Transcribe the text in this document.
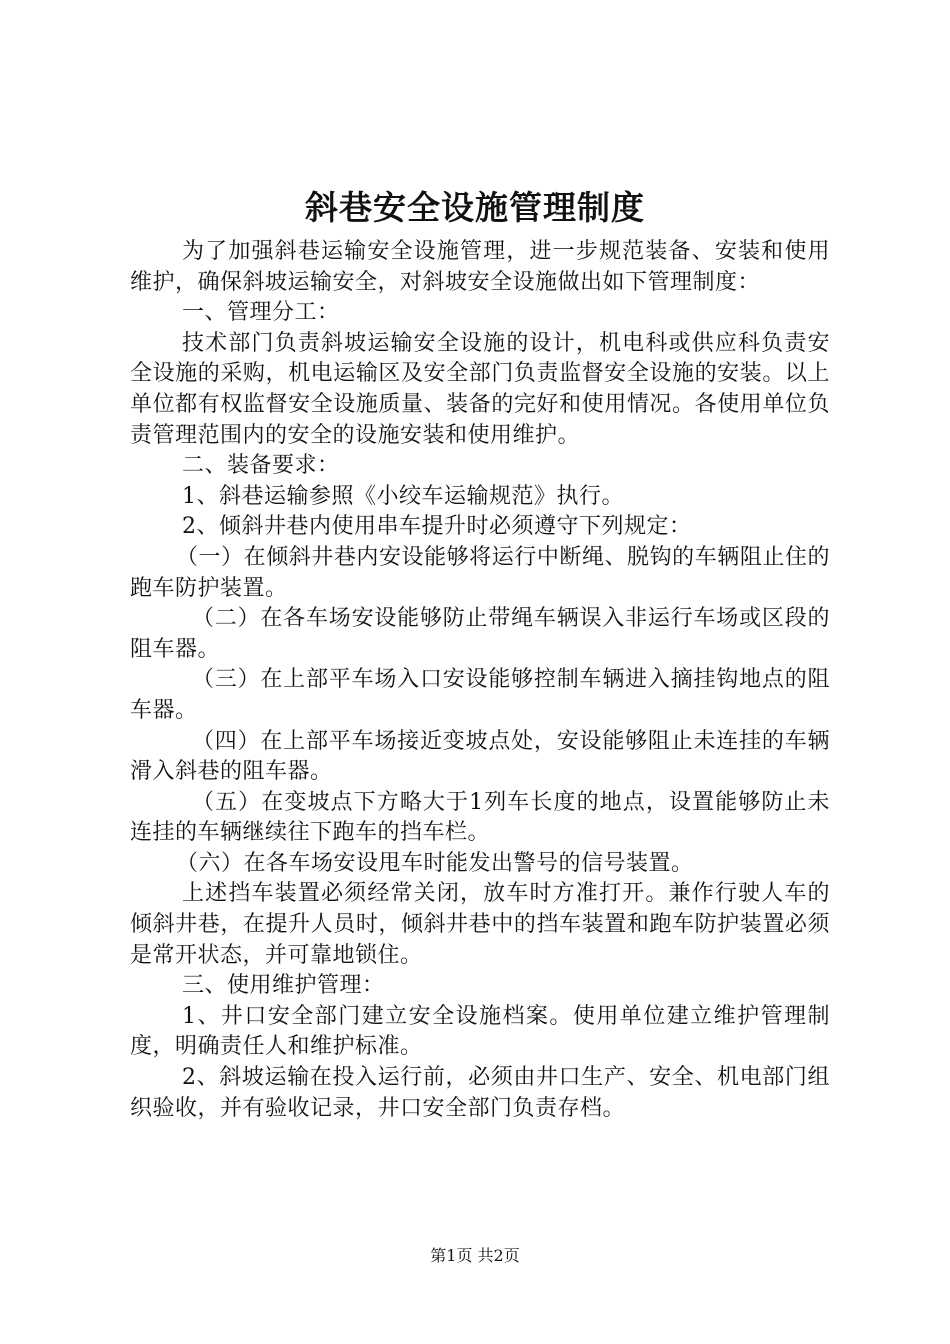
斜巷安全设施管理制度

为了加强斜巷运输安全设施管理，进一步规范装备、安装和使用维护，确保斜坡运输安全，对斜坡安全设施做出如下管理制度：

一、管理分工：

技术部门负责斜坡运输安全设施的设计，机电科或供应科负责安全设施的采购，机电运输区及安全部门负责监督安全设施的安装。以上单位都有权监督安全设施质量、装备的完好和使用情况。各使用单位负责管理范围内的安全的设施安装和使用维护。

二、装备要求：

1、斜巷运输参照《小绞车运输规范》执行。

2、倾斜井巷内使用串车提升时必须遵守下列规定：

（一）在倾斜井巷内安设能够将运行中断绳、脱钩的车辆阻止住的跑车防护装置。

（二）在各车场安设能够防止带绳车辆误入非运行车场或区段的阻车器。

（三）在上部平车场入口安设能够控制车辆进入摘挂钩地点的阻车器。

（四）在上部平车场接近变坡点处，安设能够阻止未连挂的车辆滑入斜巷的阻车器。

（五）在变坡点下方略大于1列车长度的地点，设置能够防止未连挂的车辆继续往下跑车的挡车栏。

（六）在各车场安设甩车时能发出警号的信号装置。

上述挡车装置必须经常关闭，放车时方准打开。兼作行驶人车的倾斜井巷，在提升人员时，倾斜井巷中的挡车装置和跑车防护装置必须是常开状态，并可靠地锁住。

三、使用维护管理：

1、井口安全部门建立安全设施档案。使用单位建立维护管理制度，明确责任人和维护标准。

2、斜坡运输在投入运行前，必须由井口生产、安全、机电部门组织验收，并有验收记录，井口安全部门负责存档。

第1页 共2页
